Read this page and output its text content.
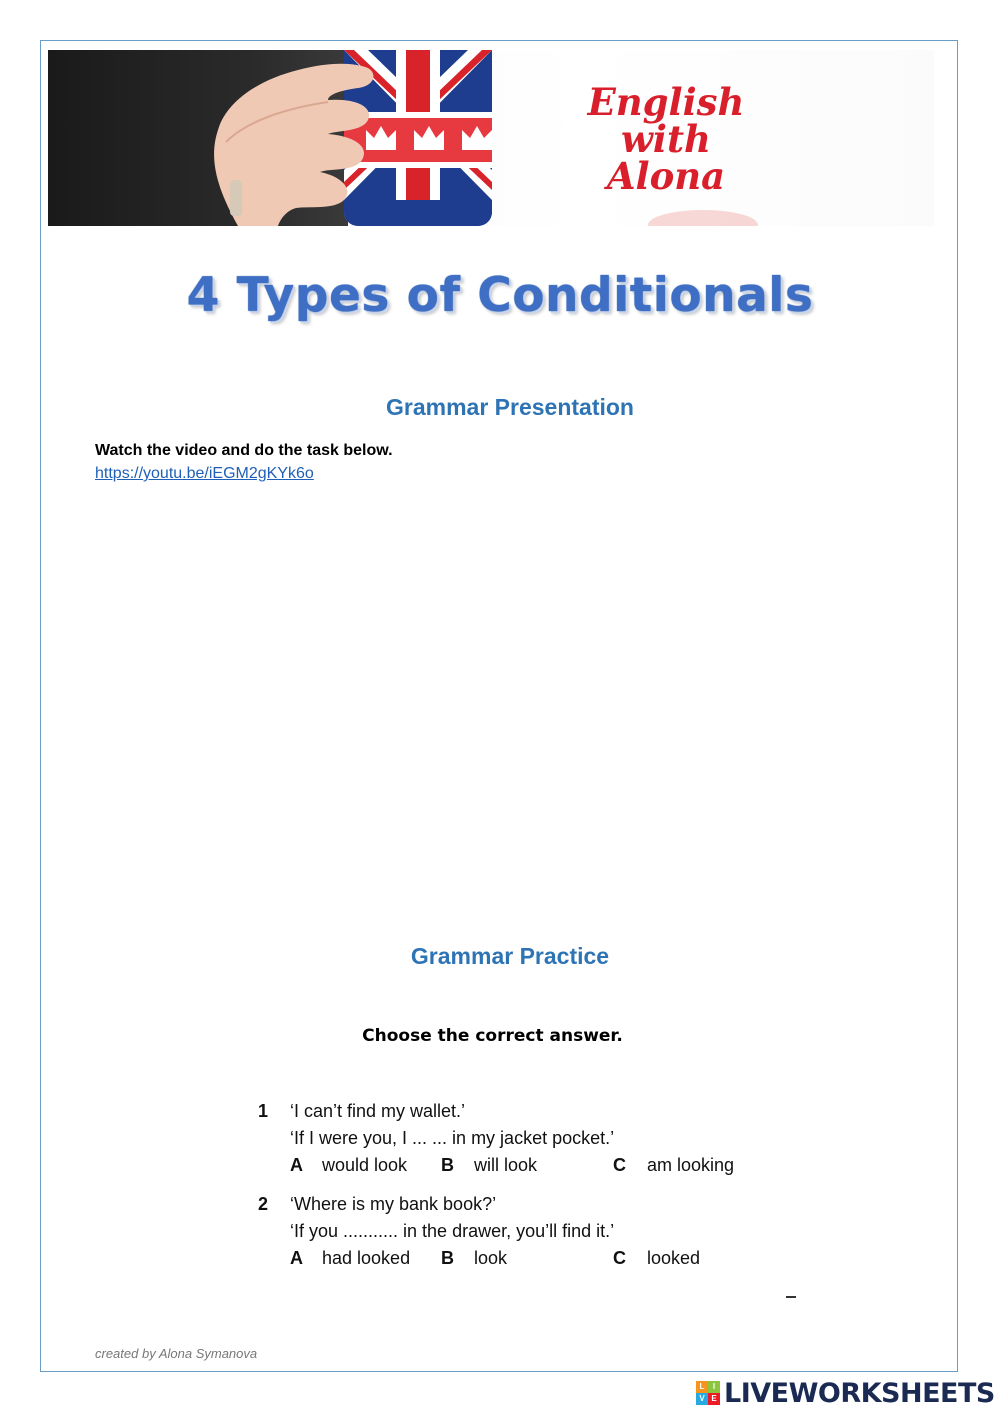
English
with
Alona
4 Types of Conditionals
Grammar Presentation

Watch the video and do the task below.

https://youtu.be/iEGM2gKYk6o
Grammar Practice

Choose the correct answer.

1 ‘I can’t find my wallet.’
‘If I were you, I ... ... in my jacket pocket.’
A would look B will look	C am looking
2 ‘Where is my bank book?’
‘If you ........... in the drawer, you’ll find it.’
A had looked B look	C looked
created by Alona Symanova
L	I
V E LIVEWORKSHEETS
